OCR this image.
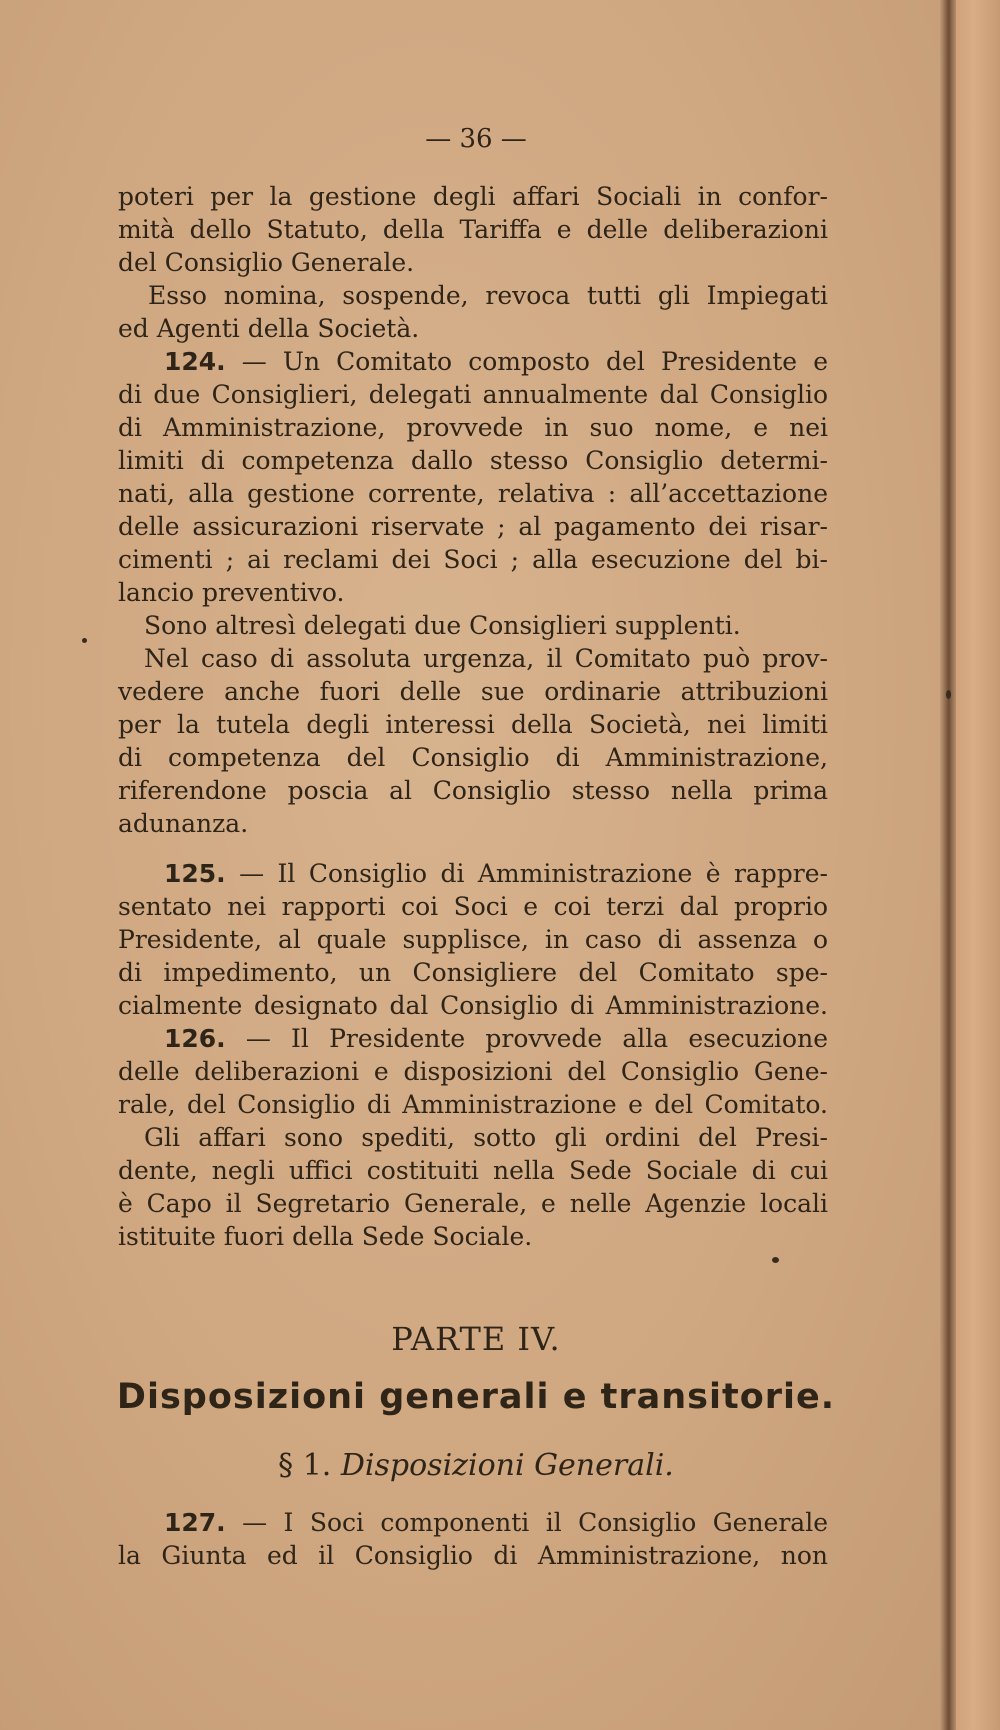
— 36 —
poteri per la gestione degli affari Sociali in confor-
mità dello Statuto, della Tariffa e delle deliberazioni
del Consiglio Generale.
Esso nomina, sospende, revoca tutti gli Impiegati
ed Agenti della Società.
124. — Un Comitato composto del Presidente e
di due Consiglieri, delegati annualmente dal Consiglio
di Amministrazione, provvede in suo nome, e nei
limiti di competenza dallo stesso Consiglio determi-
nati, alla gestione corrente, relativa : all’accettazione
delle assicurazioni riservate ; al pagamento dei risar-
cimenti ; ai reclami dei Soci ; alla esecuzione del bi-
lancio preventivo.
Sono altresì delegati due Consiglieri supplenti.
Nel caso di assoluta urgenza, il Comitato può prov-
vedere anche fuori delle sue ordinarie attribuzioni
per la tutela degli interessi della Società, nei limiti
di competenza del Consiglio di Amministrazione,
riferendone poscia al Consiglio stesso nella prima
adunanza.
125. — Il Consiglio di Amministrazione è rappre-
sentato nei rapporti coi Soci e coi terzi dal proprio
Presidente, al quale supplisce, in caso di assenza o
di impedimento, un Consigliere del Comitato spe-
cialmente designato dal Consiglio di Amministrazione.
126. — Il Presidente provvede alla esecuzione
delle deliberazioni e disposizioni del Consiglio Gene-
rale, del Consiglio di Amministrazione e del Comitato.
Gli affari sono spediti, sotto gli ordini del Presi-
dente, negli uffici costituiti nella Sede Sociale di cui
è Capo il Segretario Generale, e nelle Agenzie locali
istituite fuori della Sede Sociale.
PARTE IV.
Disposizioni generali e transitorie.
§ 1. Disposizioni Generali.
127. — I Soci componenti il Consiglio Generale
la Giunta ed il Consiglio di Amministrazione, non
